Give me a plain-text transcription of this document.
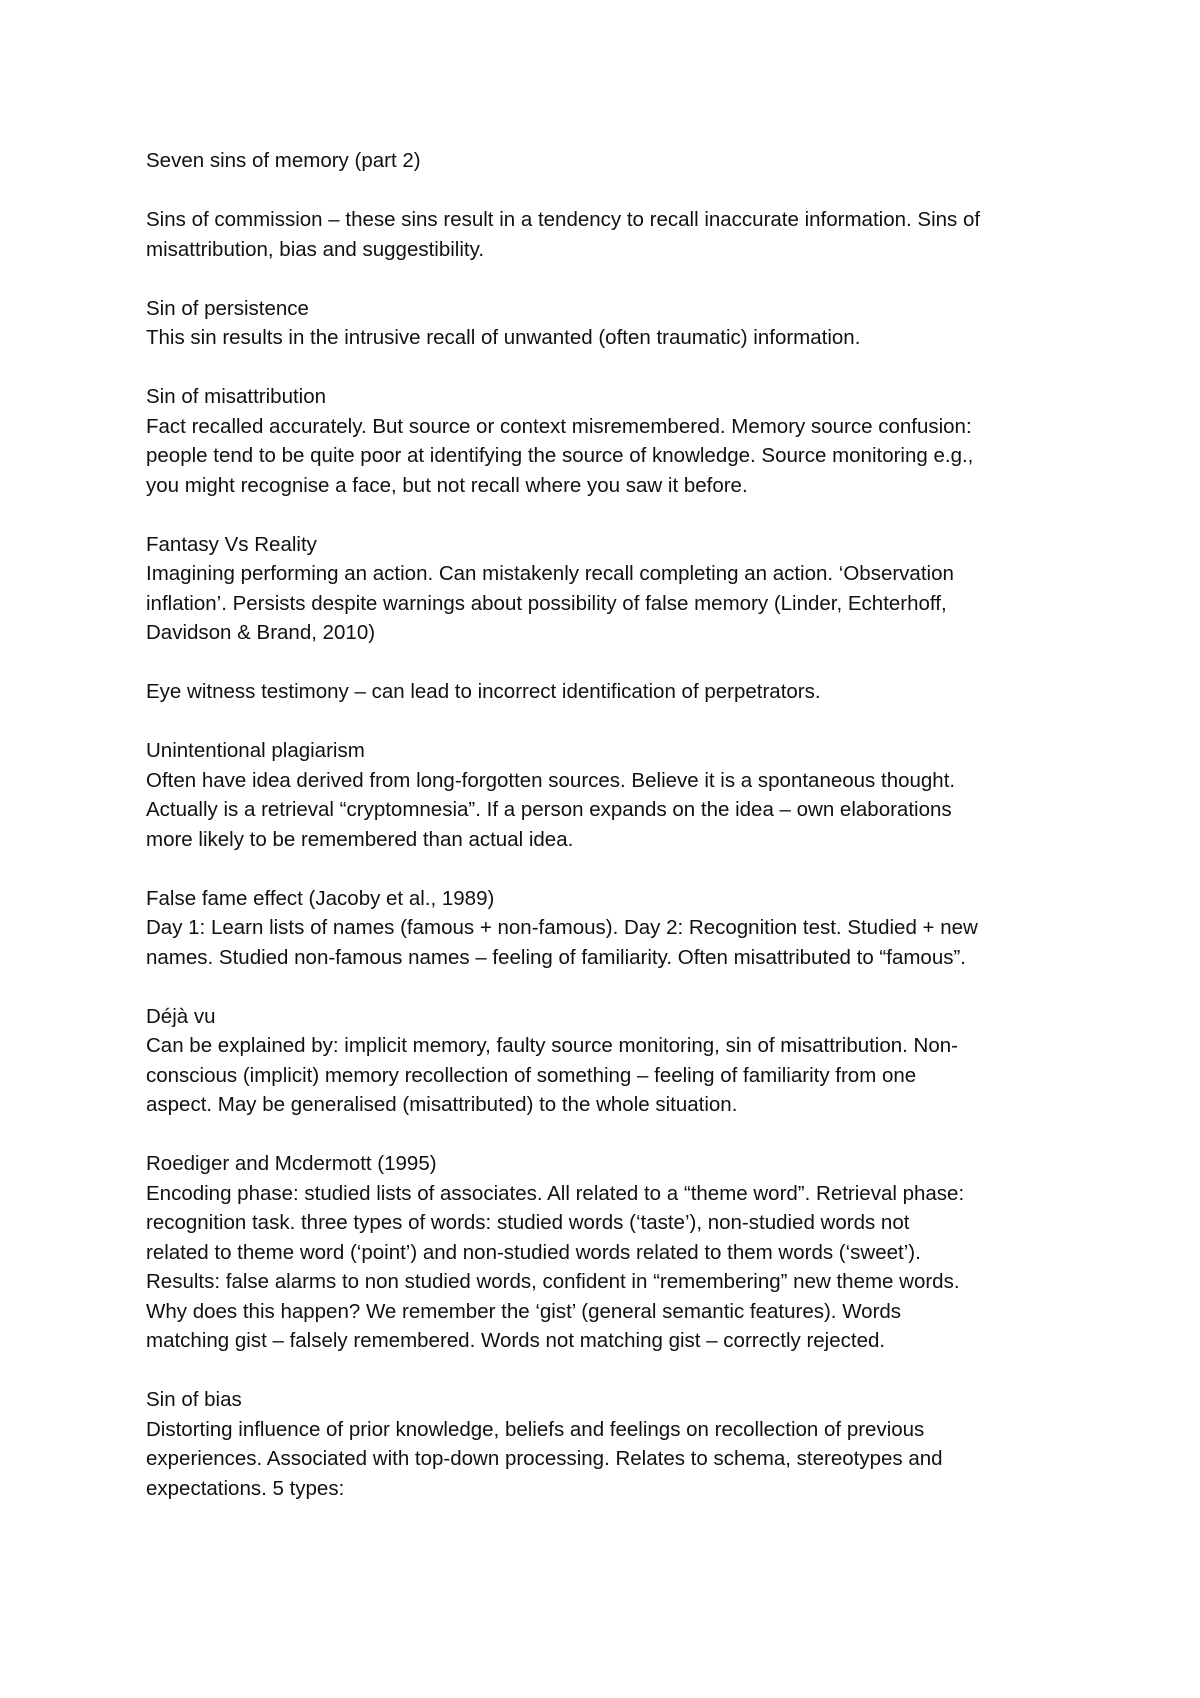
Seven sins of memory (part 2)
Sins of commission – these sins result in a tendency to recall inaccurate information. Sins of
misattribution, bias and suggestibility.
Sin of persistence
This sin results in the intrusive recall of unwanted (often traumatic) information.
Sin of misattribution
Fact recalled accurately. But source or context misremembered. Memory source confusion:
people tend to be quite poor at identifying the source of knowledge. Source monitoring e.g.,
you might recognise a face, but not recall where you saw it before.
Fantasy Vs Reality
Imagining performing an action. Can mistakenly recall completing an action. ‘Observation
inflation’. Persists despite warnings about possibility of false memory (Linder, Echterhoff,
Davidson & Brand, 2010)
Eye witness testimony – can lead to incorrect identification of perpetrators.
Unintentional plagiarism
Often have idea derived from long-forgotten sources. Believe it is a spontaneous thought.
Actually is a retrieval “cryptomnesia”. If a person expands on the idea – own elaborations
more likely to be remembered than actual idea.
False fame effect (Jacoby et al., 1989)
Day 1: Learn lists of names (famous + non-famous). Day 2: Recognition test. Studied + new
names. Studied non-famous names – feeling of familiarity. Often misattributed to “famous”.
Déjà vu
Can be explained by: implicit memory, faulty source monitoring, sin of misattribution. Non-
conscious (implicit) memory recollection of something – feeling of familiarity from one
aspect. May be generalised (misattributed) to the whole situation.
Roediger and Mcdermott (1995)
Encoding phase: studied lists of associates. All related to a “theme word”. Retrieval phase:
recognition task. three types of words: studied words (‘taste’), non-studied words not
related to theme word (‘point’) and non-studied words related to them words (‘sweet’).
Results: false alarms to non studied words, confident in “remembering” new theme words.
Why does this happen? We remember the ‘gist’ (general semantic features). Words
matching gist – falsely remembered. Words not matching gist – correctly rejected.
Sin of bias
Distorting influence of prior knowledge, beliefs and feelings on recollection of previous
experiences. Associated with top-down processing. Relates to schema, stereotypes and
expectations. 5 types:
